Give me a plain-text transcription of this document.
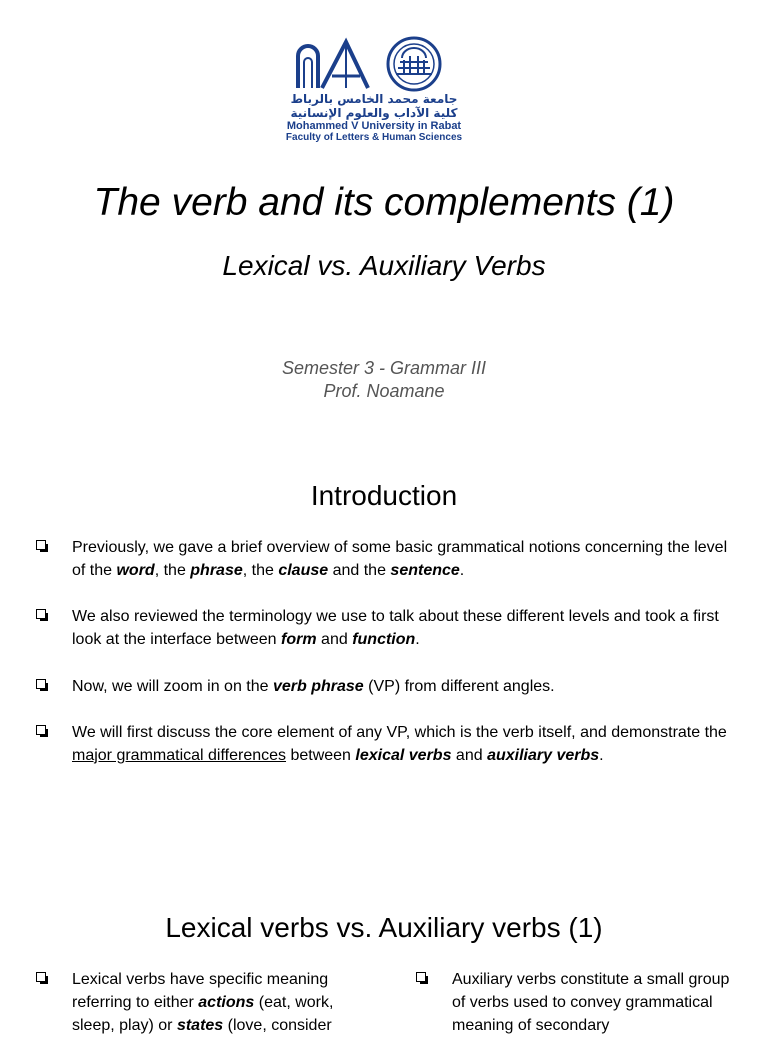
جامعة محمد الخامس بالرباط
كلية الآداب والعلوم الإنسانية
Mohammed V University in Rabat
Faculty of Letters & Human Sciences
The verb and its complements (1)
Lexical vs. Auxiliary Verbs
Semester 3 - Grammar III
Prof. Noamane
Introduction
Previously, we gave a brief overview of some basic grammatical notions concerning the level of the word, the phrase, the clause and the sentence.
We also reviewed the terminology we use to talk about these different levels and took a first look at the interface between form and function.
Now, we will zoom in on the verb phrase (VP) from different angles.
We will first discuss the core element of any VP, which is the verb itself, and demonstrate the major grammatical differences between lexical verbs and auxiliary verbs.
Lexical verbs vs. Auxiliary verbs (1)
Lexical verbs have specific meaning referring to either actions (eat, work, sleep, play) or states (love, consider
Auxiliary verbs constitute a small group of verbs used to convey grammatical meaning of secondary
